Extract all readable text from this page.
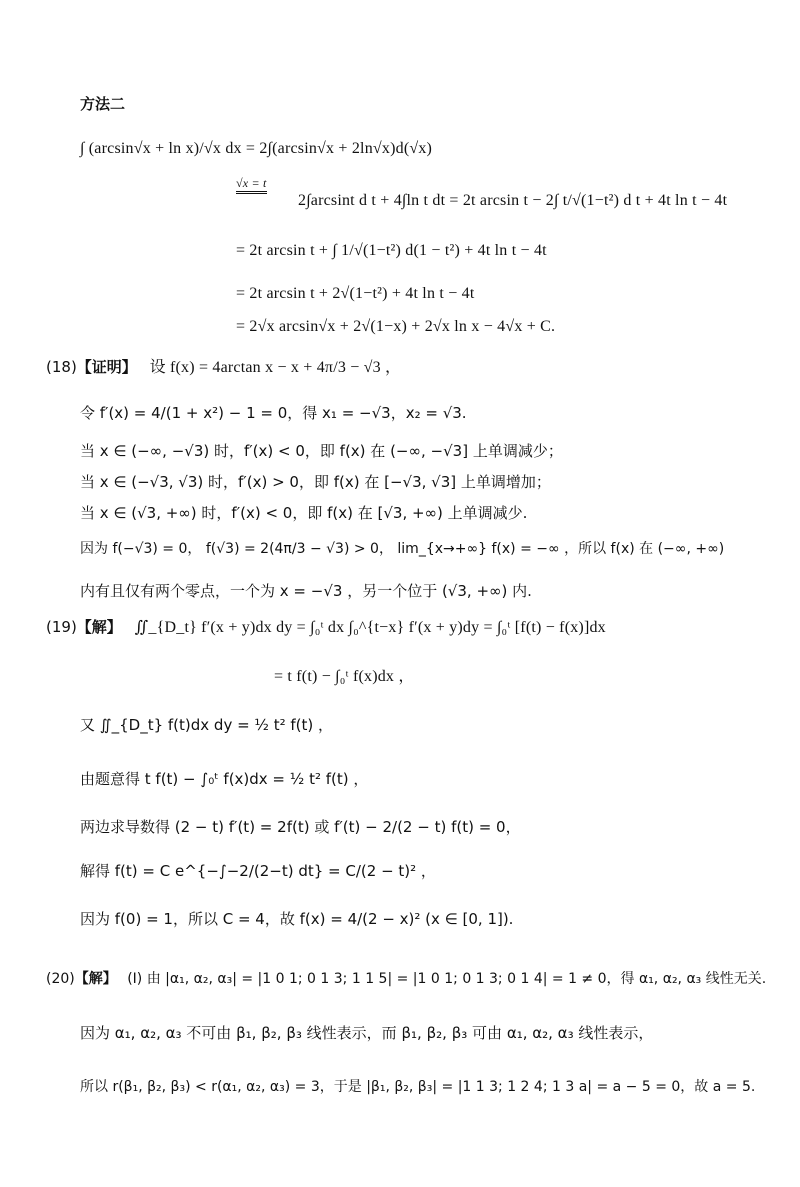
方法二
∫ (arcsin√x + ln x)/√x dx = 2∫(arcsin√x + 2ln√x)d(√x)
√x = t
2∫arcsint d t + 4∫ln t dt = 2t arcsin t − 2∫ t/√(1−t²) d t + 4t ln t − 4t
= 2t arcsin t + ∫ 1/√(1−t²) d(1 − t²) + 4t ln t − 4t
= 2t arcsin t + 2√(1−t²) + 4t ln t − 4t
= 2√x arcsin√x + 2√(1−x) + 2√x ln x − 4√x + C.
(18)【证明】 设 f(x) = 4arctan x − x + 4π/3 − √3 ，
令 f′(x) = 4/(1 + x²) − 1 = 0，得 x₁ = −√3，x₂ = √3.
当 x ∈ (−∞, −√3) 时，f′(x) < 0，即 f(x) 在 (−∞, −√3] 上单调减少；
当 x ∈ (−√3, √3) 时，f′(x) > 0，即 f(x) 在 [−√3, √3] 上单调增加；
当 x ∈ (√3, +∞) 时，f′(x) < 0，即 f(x) 在 [√3, +∞) 上单调减少.
因为 f(−√3) = 0， f(√3) = 2(4π/3 − √3) > 0， lim_{x→+∞} f(x) = −∞ ，所以 f(x) 在 (−∞, +∞)
内有且仅有两个零点，一个为 x = −√3 ，另一个位于 (√3, +∞) 内.
(19)【解】 ∬_{D_t} f′(x + y)dx dy = ∫₀ᵗ dx ∫₀^{t−x} f′(x + y)dy = ∫₀ᵗ [f(t) − f(x)]dx
= t f(t) − ∫₀ᵗ f(x)dx ，
又 ∬_{D_t} f(t)dx dy = ½ t² f(t) ，
由题意得 t f(t) − ∫₀ᵗ f(x)dx = ½ t² f(t) ，
两边求导数得 (2 − t) f′(t) = 2f(t) 或 f′(t) − 2/(2 − t) f(t) = 0，
解得 f(t) = C e^{−∫−2/(2−t) dt} = C/(2 − t)² ，
因为 f(0) = 1，所以 C = 4，故 f(x) = 4/(2 − x)² (x ∈ [0, 1]).
(20)【解】 (Ⅰ) 由 |α₁, α₂, α₃| = |1 0 1; 0 1 3; 1 1 5| = |1 0 1; 0 1 3; 0 1 4| = 1 ≠ 0，得 α₁, α₂, α₃ 线性无关.
因为 α₁, α₂, α₃ 不可由 β₁, β₂, β₃ 线性表示，而 β₁, β₂, β₃ 可由 α₁, α₂, α₃ 线性表示，
所以 r(β₁, β₂, β₃) < r(α₁, α₂, α₃) = 3，于是 |β₁, β₂, β₃| = |1 1 3; 1 2 4; 1 3 a| = a − 5 = 0，故 a = 5.
